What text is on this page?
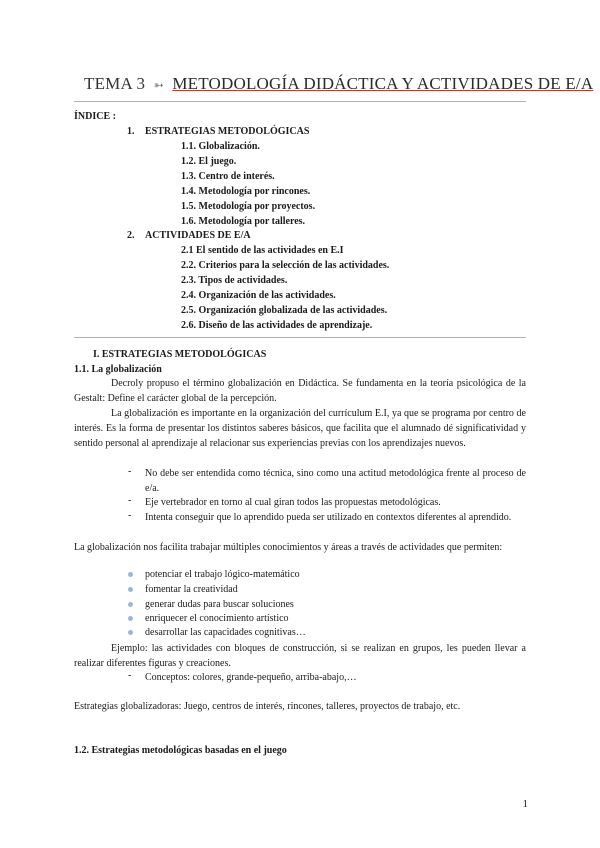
TEMA 3 ➳ METODOLOGÍA DIDÁCTICA Y ACTIVIDADES DE E/A
ÍNDICE :
1. ESTRATEGIAS METODOLÓGICAS
1.1. Globalización.
1.2. El juego.
1.3. Centro de interés.
1.4. Metodología por rincones.
1.5. Metodología por proyectos.
1.6. Metodología por talleres.
2. ACTIVIDADES DE E/A
2.1 El sentido de las actividades en E.I
2.2. Criterios para la selección de las actividades.
2.3. Tipos de actividades.
2.4. Organización de las actividades.
2.5. Organización globalizada de las actividades.
2.6. Diseño de las actividades de aprendizaje.
I. ESTRATEGIAS METODOLÓGICAS
1.1. La globalización
Decroly propuso el término globalización en Didáctica. Se fundamenta en la teoría psicológica de la Gestalt: Define el carácter global de la percepción.
La globalización es importante en la organización del currículum E.I, ya que se programa por centro de interés. Es la forma de presentar los distintos saberes básicos, que facilita que el alumnado dé significatividad y sentido personal al aprendizaje al relacionar sus experiencias previas con los aprendizajes nuevos.
- No debe ser entendida como técnica, sino como una actitud metodológica frente al proceso de e/a.
- Eje vertebrador en torno al cual giran todos las propuestas metodológicas.
- Intenta conseguir que lo aprendido pueda ser utilizado en contextos diferentes al aprendido.
La globalización nos facilita trabajar múltiples conocimientos y áreas a través de actividades que permiten:
potenciar el trabajo lógico-matemático
fomentar la creatividad
generar dudas para buscar soluciones
enriquecer el conocimiento artístico
desarrollar las capacidades cognitivas…
Ejemplo: las actividades con bloques de construcción, si se realizan en grupos, les pueden llevar a realizar diferentes figuras y creaciones.
- Conceptos: colores, grande-pequeño, arriba-abajo,…
Estrategias globalizadoras: Juego, centros de interés, rincones, talleres, proyectos de trabajo, etc.
1.2. Estrategias metodológicas basadas en el juego
1
